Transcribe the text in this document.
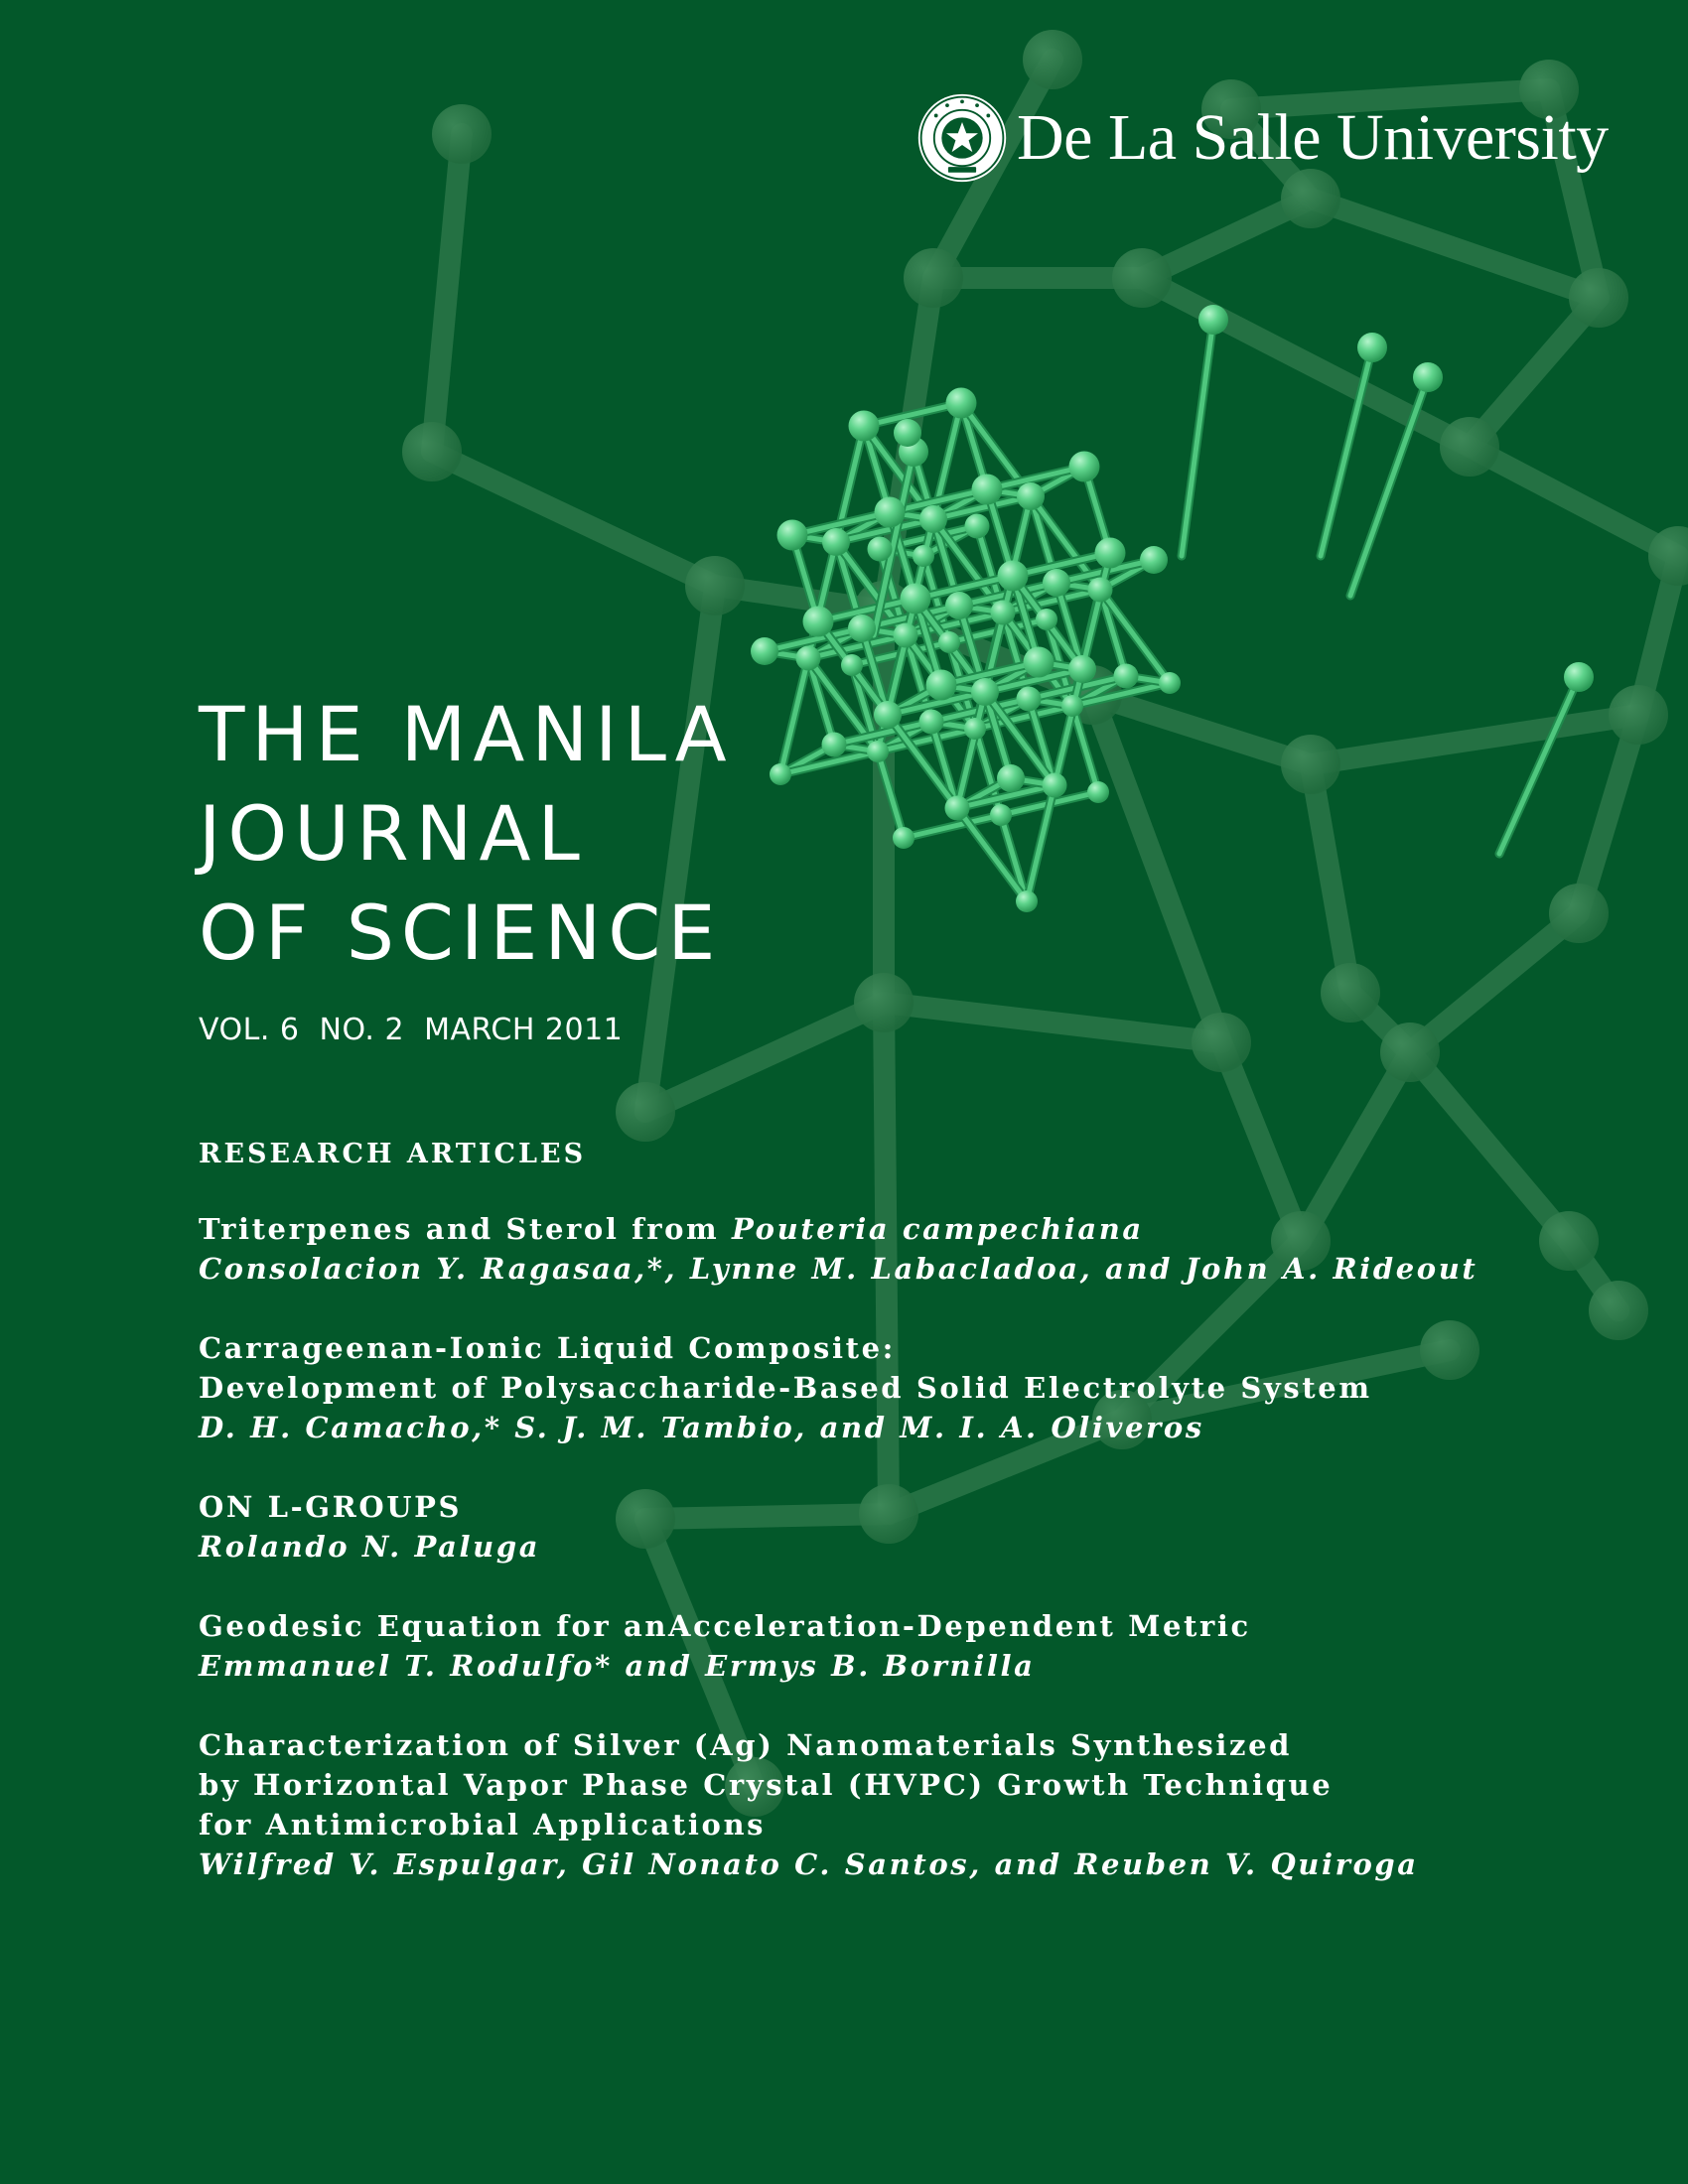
De La Salle University
THE MANILA
JOURNAL
OF SCIENCE
VOL. 6  NO. 2  MARCH 2011
RESEARCH ARTICLES
Triterpenes and Sterol from Pouteria campechiana
Consolacion Y. Ragasaa,*, Lynne M. Labacladoa, and John A. Rideout
Carrageenan-Ionic Liquid Composite:
Development of Polysaccharide-Based Solid Electrolyte System
D. H. Camacho,* S. J. M. Tambio, and M. I. A. Oliveros
ON L-GROUPS
Rolando N. Paluga
Geodesic Equation for anAcceleration-Dependent Metric
Emmanuel T. Rodulfo* and Ermys B. Bornilla
Characterization of Silver (Ag) Nanomaterials Synthesized
by Horizontal Vapor Phase Crystal (HVPC) Growth Technique
for Antimicrobial Applications
Wilfred V. Espulgar, Gil Nonato C. Santos, and Reuben V. Quiroga
